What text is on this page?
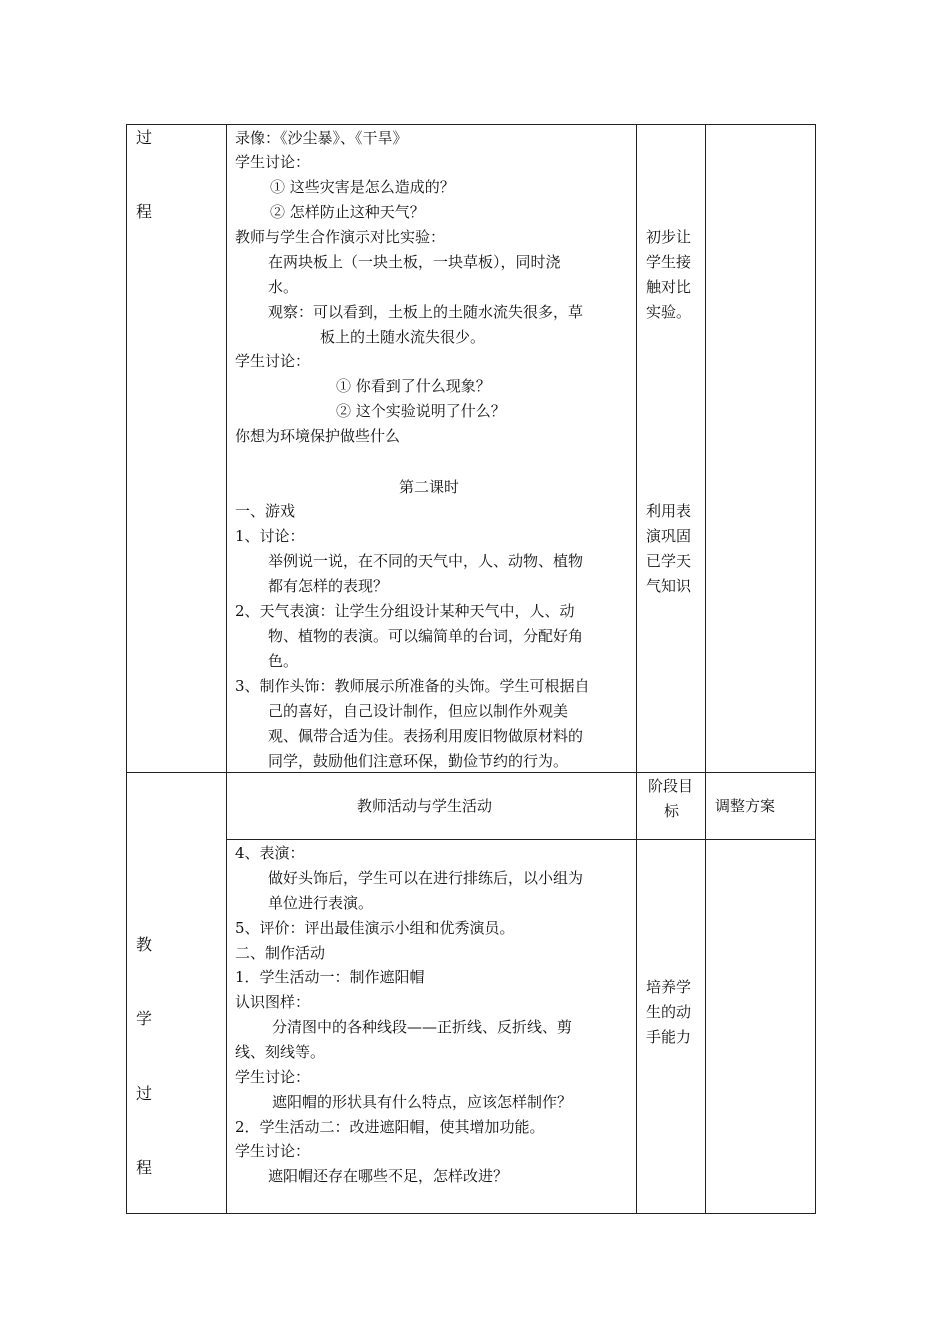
过
程
录像：《沙尘暴》、《干旱》
学生讨论：
① 这些灾害是怎么造成的？
② 怎样防止这种天气？
教师与学生合作演示对比实验：
在两块板上（一块土板，一块草板），同时浇
水。
观察：可以看到，土板上的土随水流失很多，草
板上的土随水流失很少。
学生讨论：
① 你看到了什么现象？
② 这个实验说明了什么？
你想为环境保护做些什么
第二课时
一、游戏
1、讨论：
举例说一说，在不同的天气中，人、动物、植物
都有怎样的表现？
2、天气表演：让学生分组设计某种天气中，人、动
物、植物的表演。可以编简单的台词，分配好角
色。
3、制作头饰：教师展示所准备的头饰。学生可根据自
己的喜好，自己设计制作，但应以制作外观美
观、佩带合适为佳。表扬利用废旧物做原材料的
同学，鼓励他们注意环保，勤俭节约的行为。
初步让
学生接
触对比
实验。
利用表
演巩固
已学天
气知识
教师活动与学生活动
阶段目
标 调整方案
教
学
过
程
4、表演：
做好头饰后，学生可以在进行排练后，以小组为
单位进行表演。
5、评价：评出最佳演示小组和优秀演员。
二、制作活动
1．学生活动一：制作遮阳帽
认识图样：
分清图中的各种线段——正折线、反折线、剪
线、刻线等。
学生讨论：
遮阳帽的形状具有什么特点，应该怎样制作？
2．学生活动二：改进遮阳帽，使其增加功能。
学生讨论：
遮阳帽还存在哪些不足，怎样改进？
培养学
生的动
手能力
